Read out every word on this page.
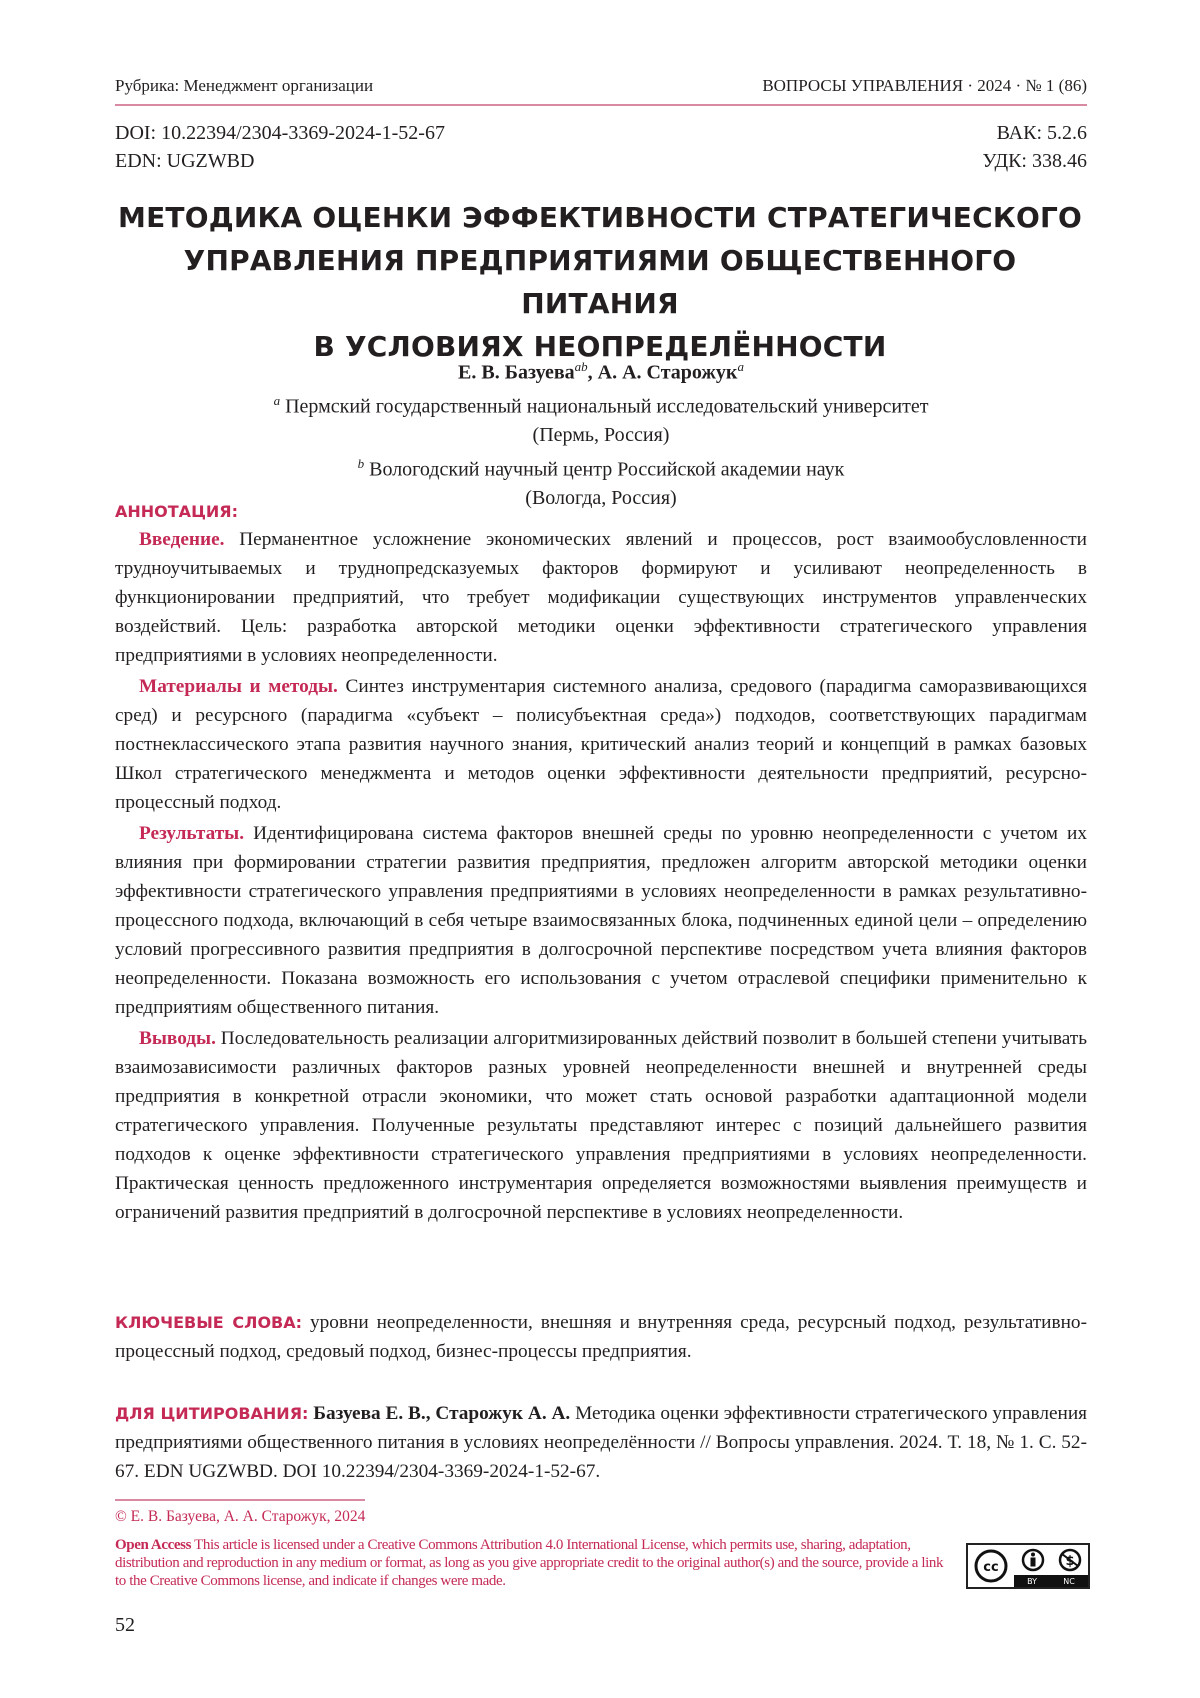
Рубрика: Менеджмент организации	ВОПРОСЫ УПРАВЛЕНИЯ · 2024 · № 1 (86)
DOI: 10.22394/2304-3369-2024-1-52-67	ВАК: 5.2.6
EDN: UGZWBD	УДК: 338.46
МЕТОДИКА ОЦЕНКИ ЭФФЕКТИВНОСТИ СТРАТЕГИЧЕСКОГО
УПРАВЛЕНИЯ ПРЕДПРИЯТИЯМИ ОБЩЕСТВЕННОГО ПИТАНИЯ
В УСЛОВИЯХ НЕОПРЕДЕЛЁННОСТИ
Е. В. Базуеваab, А. А. Старожукa
a Пермский государственный национальный исследовательский университет
(Пермь, Россия)
b Вологодский научный центр Российской академии наук
(Вологда, Россия)
АННОТАЦИЯ:

Введение. Перманентное усложнение экономических явлений и процессов, рост взаимообусловленности трудноучитываемых и труднопредсказуемых факторов формируют и усиливают неопределенность в функционировании предприятий, что требует модификации существующих инструментов управленческих воздействий. Цель: разработка авторской методики оценки эффективности стратегического управления предприятиями в условиях неопределенности.

Материалы и методы. Синтез инструментария системного анализа, средового (парадигма саморазвивающихся сред) и ресурсного (парадигма «субъект – полисубъектная среда») подходов, соответствующих парадигмам постнеклассического этапа развития научного знания, критический анализ теорий и концепций в рамках базовых Школ стратегического менеджмента и методов оценки эффективности деятельности предприятий, ресурсно-процессный подход.

Результаты. Идентифицирована система факторов внешней среды по уровню неопределенности с учетом их влияния при формировании стратегии развития предприятия, предложен алгоритм авторской методики оценки эффективности стратегического управления предприятиями в условиях неопределенности в рамках результативно-процессного подхода, включающий в себя четыре взаимосвязанных блока, подчиненных единой цели – определению условий прогрессивного развития предприятия в долгосрочной перспективе посредством учета влияния факторов неопределенности. Показана возможность его использования с учетом отраслевой специфики применительно к предприятиям общественного питания.

Выводы. Последовательность реализации алгоритмизированных действий позволит в большей степени учитывать взаимозависимости различных факторов разных уровней неопределенности внешней и внутренней среды предприятия в конкретной отрасли экономики, что может стать основой разработки адаптационной модели стратегического управления. Полученные результаты представляют интерес с позиций дальнейшего развития подходов к оценке эффективности стратегического управления предприятиями в условиях неопределенности. Практическая ценность предложенного инструментария определяется возможностями выявления преимуществ и ограничений развития предприятий в долгосрочной перспективе в условиях неопределенности.

КЛЮЧЕВЫЕ СЛОВА: уровни неопределенности, внешняя и внутренняя среда, ресурсный подход, результативно-процессный подход, средовый подход, бизнес-процессы предприятия.
ДЛЯ ЦИТИРОВАНИЯ: Базуева Е. В., Старожук А. А. Методика оценки эффективности стратегического управления предприятиями общественного питания в условиях неопределённости // Вопросы управления. 2024. Т. 18, № 1. С. 52-67. EDN UGZWBD. DOI 10.22394/2304-3369-2024-1-52-67.
© Е. В. Базуева, А. А. Старожук, 2024
Open Access This article is licensed under a Creative Commons Attribution 4.0 International License, which permits use, sharing, adaptation, distribution and reproduction in any medium or format, as long as you give appropriate credit to the original author(s) and the source, provide a link to the Creative Commons license, and indicate if changes were made.
cc	$
BY	NC
52
